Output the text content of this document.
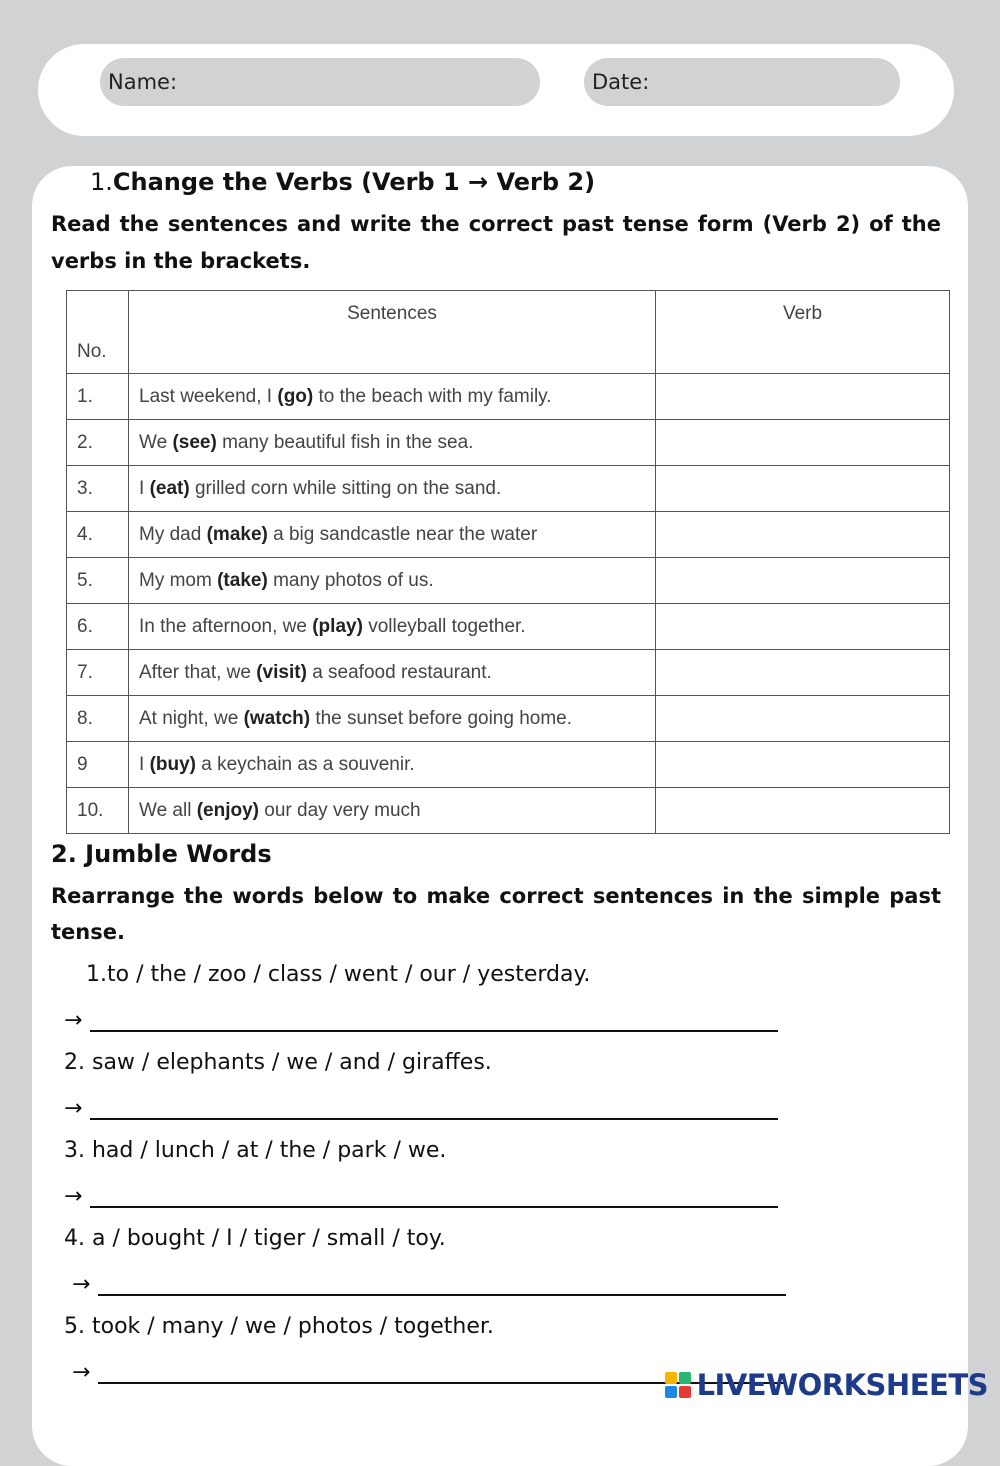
Name:	Date:
1.Change the Verbs (Verb 1 → Verb 2)
Read the sentences and write the correct past tense form (Verb 2) of the verbs in the brackets.
No.	Sentences	Verb
1.	Last weekend, I (go) to the beach with my family.	
2.	We (see) many beautiful fish in the sea.	
3.	I (eat) grilled corn while sitting on the sand.	
4.	My dad (make) a big sandcastle near the water	
5.	My mom (take) many photos of us.	
6.	In the afternoon, we (play) volleyball together.	
7.	After that, we (visit) a seafood restaurant.	
8.	At night, we (watch) the sunset before going home.	
9	I (buy) a keychain as a souvenir.	
10.	We all (enjoy) our day very much	
2. Jumble Words
Rearrange the words below to make correct sentences in the simple past tense.
1.to / the / zoo / class / went / our / yesterday.
→
2. saw / elephants / we / and / giraffes.
→
3. had / lunch / at / the / park / we.
→
4. a / bought / I / tiger / small / toy.
→
5. took / many / we / photos / together.
→	LIVEWORKSHEETS
